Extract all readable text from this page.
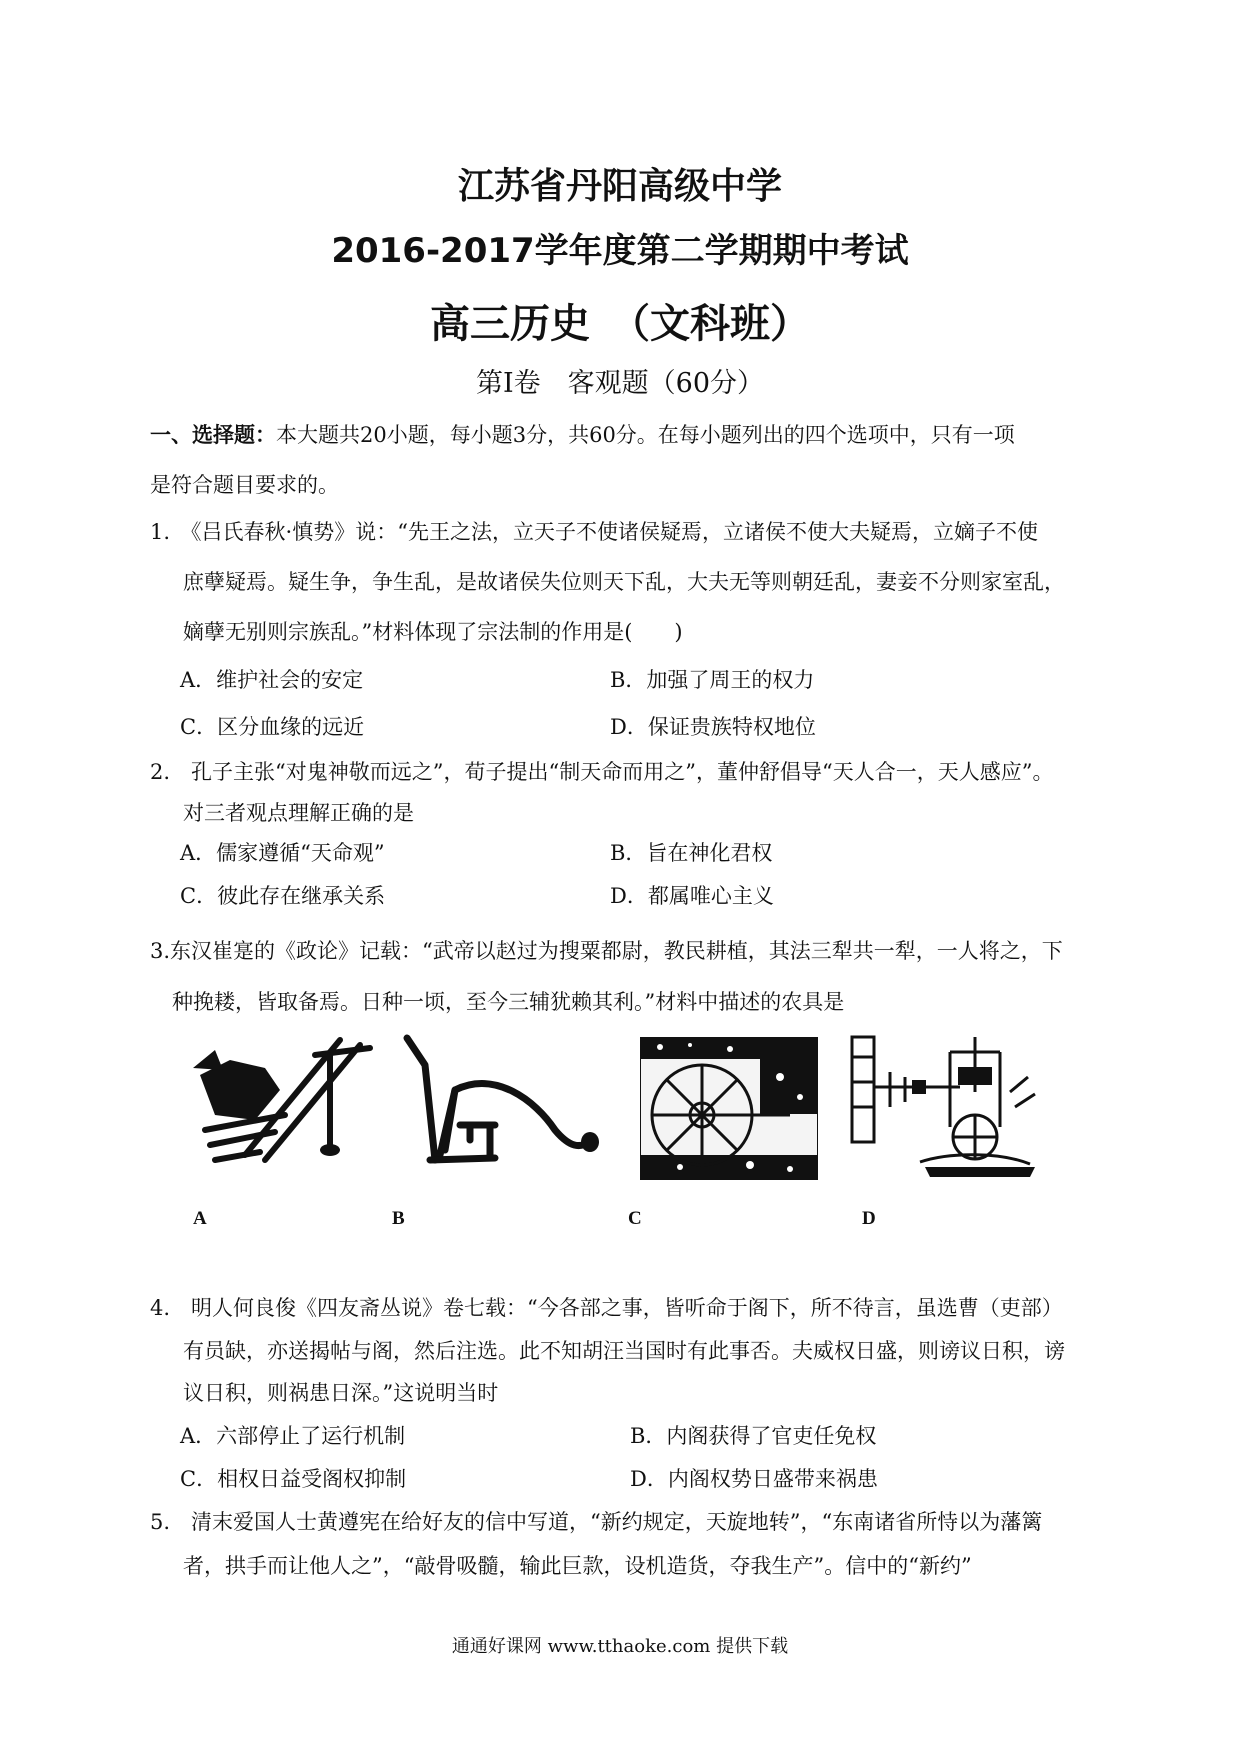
江苏省丹阳高级中学
2016-2017学年度第二学期期中考试
高三历史　（文科班）
第Ⅰ卷　客观题（60分）
一、选择题：本大题共20小题，每小题3分，共60分。在每小题列出的四个选项中，只有一项
是符合题目要求的。
1.　《吕氏春秋·慎势》说：“先王之法，立天子不使诸侯疑焉，立诸侯不使大夫疑焉，立嫡子不使
庶孽疑焉。疑生争，争生乱，是故诸侯失位则天下乱，大夫无等则朝廷乱，妻妾不分则家室乱，
嫡孽无别则宗族乱。”材料体现了宗法制的作用是(　　)
A．维护社会的安定	B．加强了周王的权力
C．区分血缘的远近	D．保证贵族特权地位
2.　孔子主张“对鬼神敬而远之”，荀子提出“制天命而用之”，董仲舒倡导“天人合一，天人感应”。
对三者观点理解正确的是
A．儒家遵循“天命观”	B．旨在神化君权
C．彼此存在继承关系	D．都属唯心主义
3.东汉崔寔的《政论》记载：“武帝以赵过为搜粟都尉，教民耕植，其法三犁共一犁，一人将之，下
种挽耧，皆取备焉。日种一顷，至今三辅犹赖其利。”材料中描述的农具是
A	B	C	D
4.　明人何良俊《四友斋丛说》卷七载：“今各部之事，皆听命于阁下，所不待言，虽选曹（吏部）
有员缺，亦送揭帖与阁，然后注选。此不知胡汪当国时有此事否。夫威权日盛，则谤议日积，谤
议日积，则祸患日深。”这说明当时
A．六部停止了运行机制	B．内阁获得了官吏任免权
C．相权日益受阁权抑制	D．内阁权势日盛带来祸患
5.　清末爱国人士黄遵宪在给好友的信中写道，“新约规定，天旋地转”，“东南诸省所恃以为藩篱
者，拱手而让他人之”，“敲骨吸髓，输此巨款，设机造货，夺我生产”。信中的“新约”
通通好课网 www.tthaoke.com 提供下载
